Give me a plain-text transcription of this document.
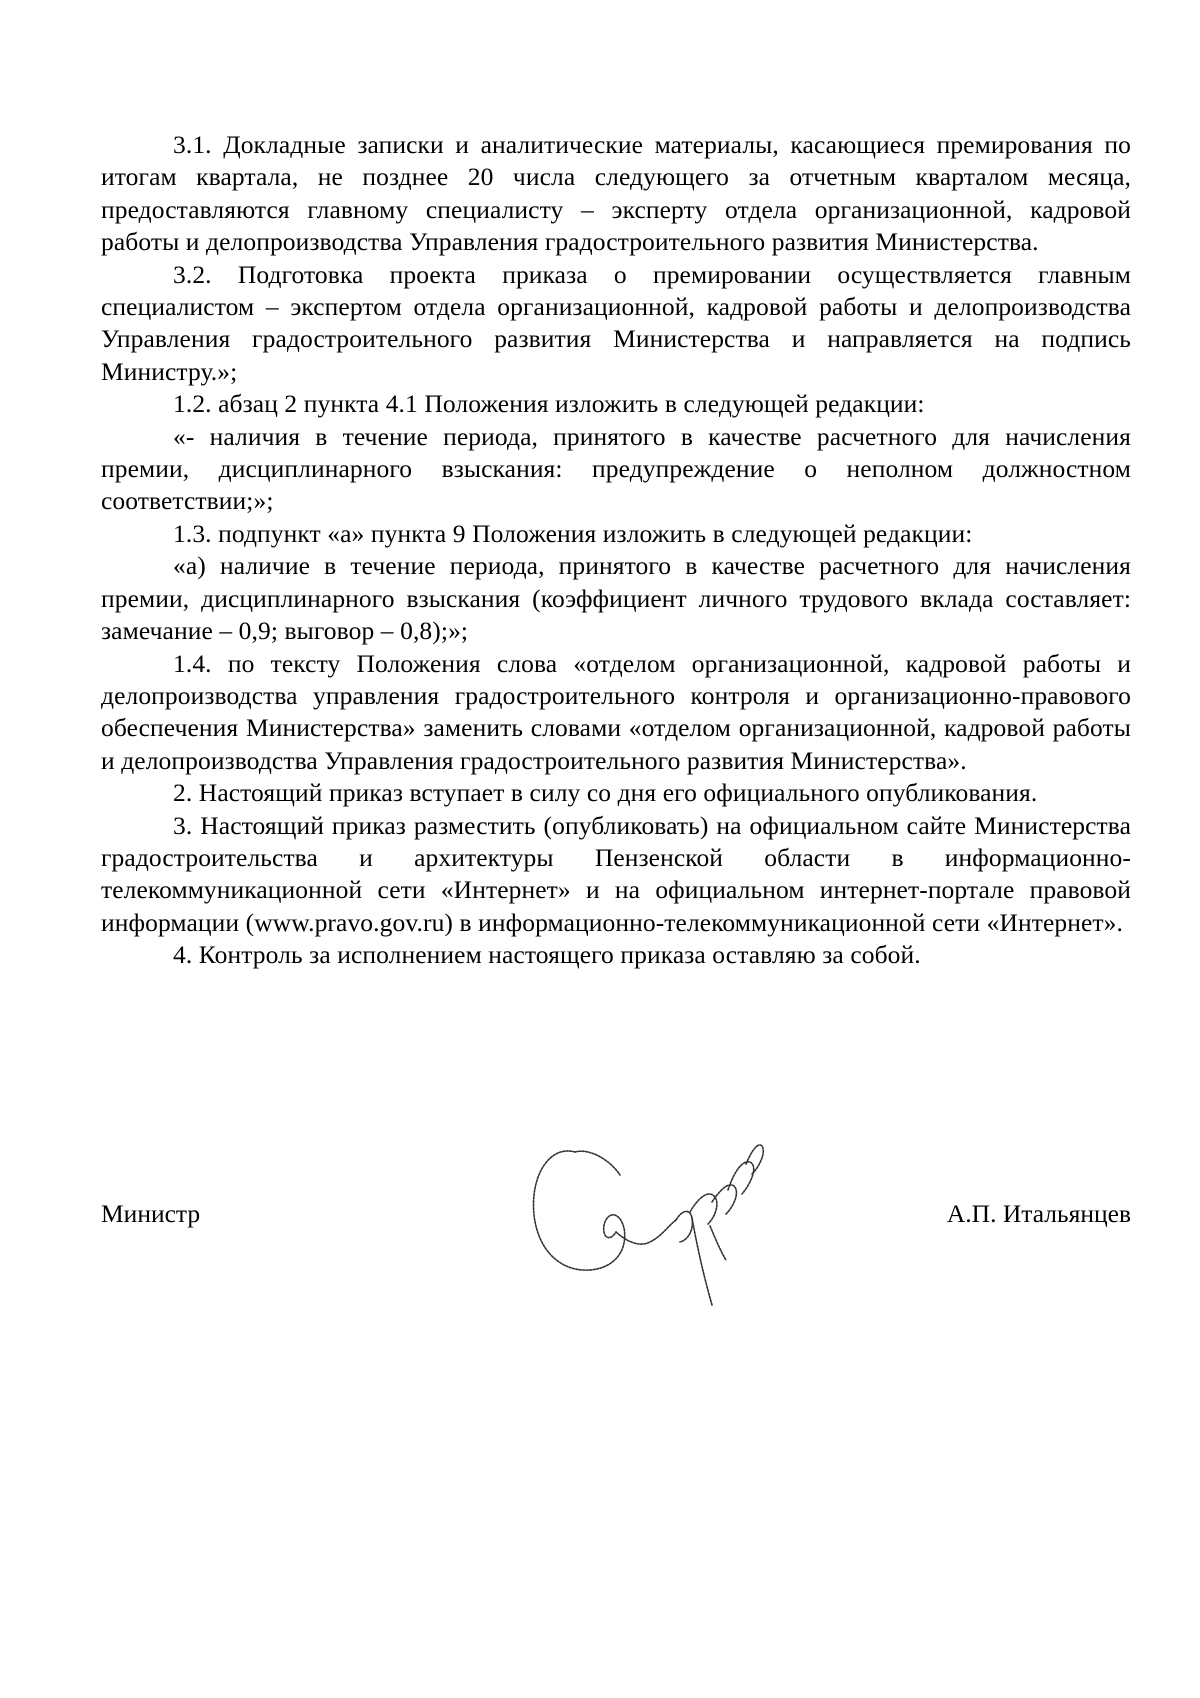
3.1. Докладные записки и аналитические материалы, касающиеся премирования по итогам квартала, не позднее 20 числа следующего за отчетным кварталом месяца, предоставляются главному специалисту – эксперту отдела организационной, кадровой работы и делопроизводства Управления градостроительного развития Министерства.

3.2. Подготовка проекта приказа о премировании осуществляется главным специалистом – экспертом отдела организационной, кадровой работы и делопроизводства Управления градостроительного развития Министерства и направляется на подпись Министру.»;

1.2. абзац 2 пункта 4.1 Положения изложить в следующей редакции:

«- наличия в течение периода, принятого в качестве расчетного для начисления премии, дисциплинарного взыскания: предупреждение о неполном должностном соответствии;»;

1.3. подпункт «а» пункта 9 Положения изложить в следующей редакции:

«а) наличие в течение периода, принятого в качестве расчетного для начисления премии, дисциплинарного взыскания (коэффициент личного трудового вклада составляет: замечание – 0,9; выговор – 0,8);»;

1.4. по тексту Положения слова «отделом организационной, кадровой работы и делопроизводства управления градостроительного контроля и организационно-правового обеспечения Министерства» заменить словами «отделом организационной, кадровой работы и делопроизводства Управления градостроительного развития Министерства».

2. Настоящий приказ вступает в силу со дня его официального опубликования.

3. Настоящий приказ разместить (опубликовать) на официальном сайте Министерства градостроительства и архитектуры Пензенской области в информационно-телекоммуникационной сети «Интернет» и на официальном интернет-портале правовой информации (www.pravo.gov.ru) в информационно-телекоммуникационной сети «Интернет».

4. Контроль за исполнением настоящего приказа оставляю за собой.

Министр	А.П. Итальянцев
